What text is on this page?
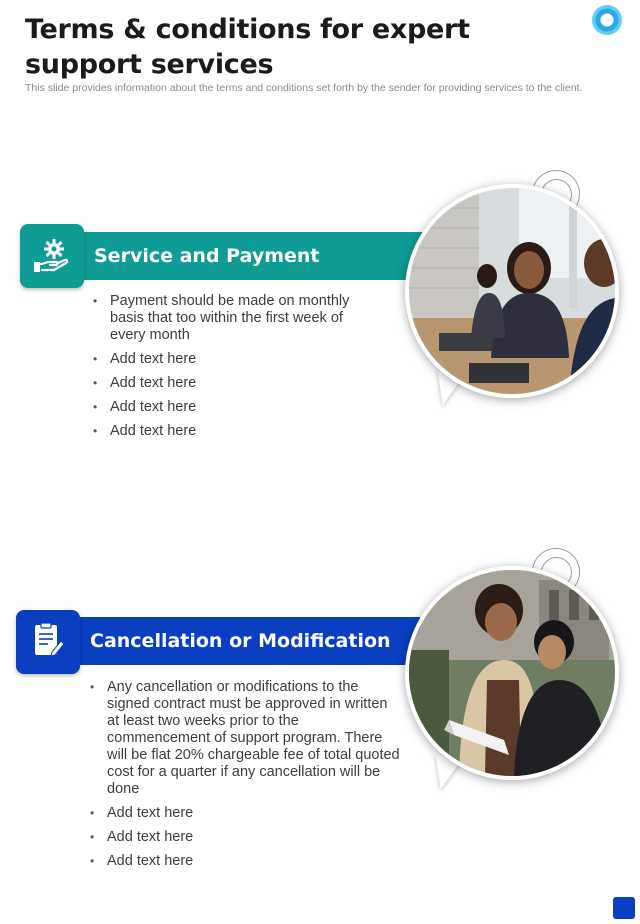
Terms & conditions for expert support services
This slide provides information about the terms and conditions set forth by the sender for providing services to the client.
Service and Payment
• Payment should be made on monthly basis that too within the first week of every month
• Add text here
• Add text here
• Add text here
• Add text here
Cancellation or Modification
• Any cancellation or modifications to the signed contract must be approved in written at least two weeks prior to the commencement of support program. There will be flat 20% chargeable fee of total quoted cost for a quarter if any cancellation will be done
• Add text here
• Add text here
• Add text here
